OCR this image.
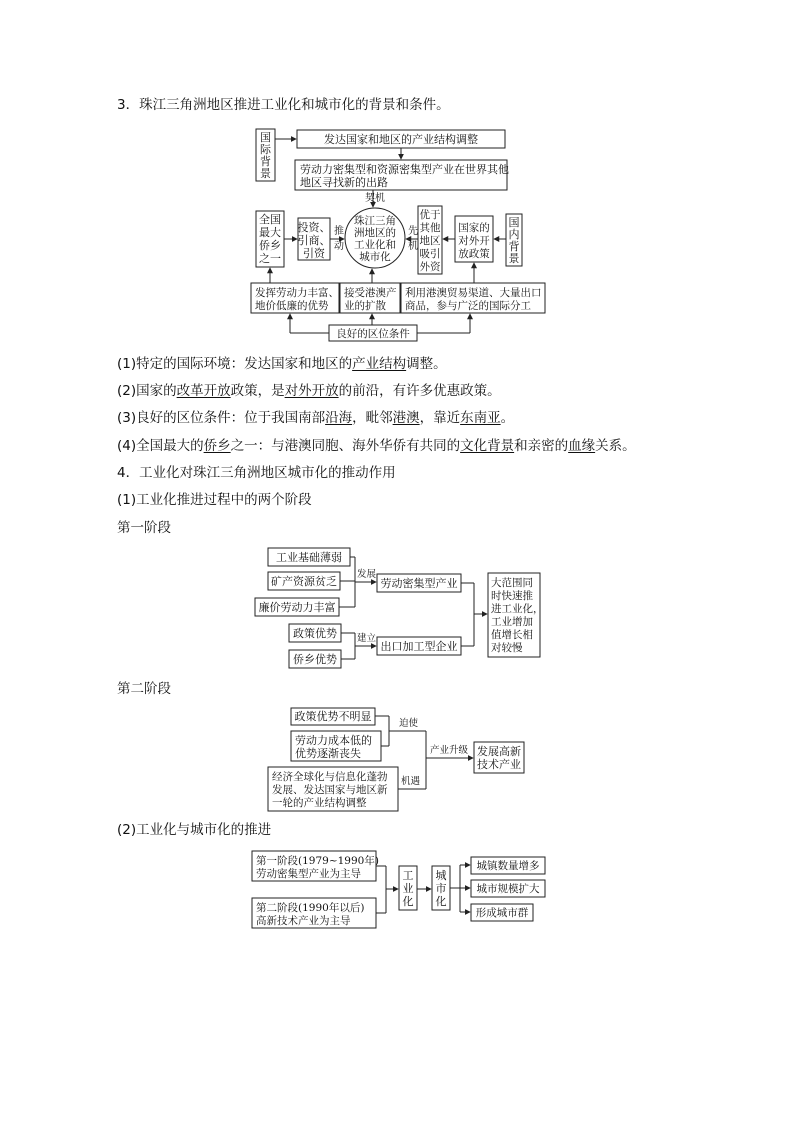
3．珠江三角洲地区推进工业化和城市化的背景和条件。
(1)特定的国际环境：发达国家和地区的产业结构调整。
(2)国家的改革开放政策，是对外开放的前沿，有许多优惠政策。
(3)良好的区位条件：位于我国南部沿海，毗邻港澳，靠近东南亚。
(4)全国最大的侨乡之一：与港澳同胞、海外华侨有共同的文化背景和亲密的血缘关系。
4．工业化对珠江三角洲地区城市化的推动作用
(1)工业化推进过程中的两个阶段
第一阶段
第二阶段
(2)工业化与城市化的推进
国
际
背
景
发达国家和地区的产业结构调整
劳动力密集型和资源密集型产业在世界其他
地区寻找新的出路
契机
珠江三角
洲地区的
工业化和
城市化
全国
最大
侨乡
之一
投资、
引商、
引资
推
动
先
机
优于
其他
地区
吸引
外资
国家的
对外开
放政策
国
内
背
景
发挥劳动力丰富、
地价低廉的优势
接受港澳产
业的扩散
利用港澳贸易渠道、大量出口
商品，参与广泛的国际分工
良好的区位条件
工业基础薄弱
矿产资源贫乏
廉价劳动力丰富
发展
劳动密集型产业
政策优势
侨乡优势
建立
出口加工型企业
大范围同
时快速推
进工业化，
工业增加
值增长相
对较慢
政策优势不明显
劳动力成本低的
优势逐渐丧失
迫使
经济全球化与信息化蓬勃
发展、发达国家与地区新
一轮的产业结构调整
机遇
产业升级 发展高新
技术产业
第一阶段(1979~1990年)
劳动密集型产业为主导
第二阶段(1990年以后)
高新技术产业为主导
工
业
化
城
市
化
城镇数量增多
城市规模扩大
形成城市群
